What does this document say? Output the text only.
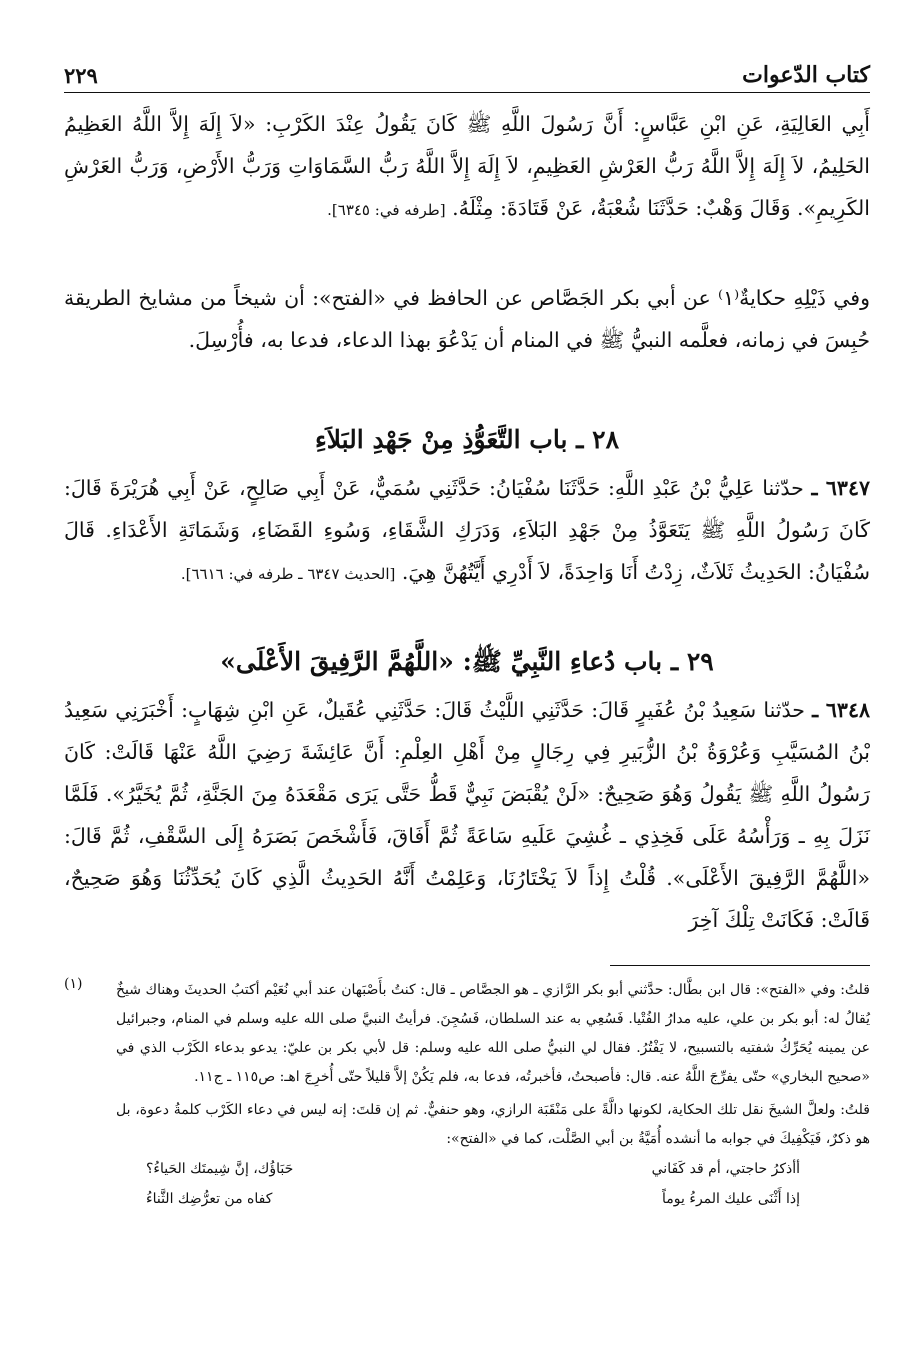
كتاب الدّعوات
٢٢٩

أَبِي العَالِيَةِ، عَنِ ابْنِ عَبَّاسٍ: أَنَّ رَسُولَ اللَّهِ ﷺ كَانَ يَقُولُ عِنْدَ الكَرْبِ: «لاَ إِلَهَ إِلاَّ اللَّهُ العَظِيمُ الحَلِيمُ، لاَ إِلَهَ إِلاَّ اللَّهُ رَبُّ العَرْشِ العَظِيمِ، لاَ إِلَهَ إِلاَّ اللَّهُ رَبُّ السَّمَاوَاتِ وَرَبُّ الأَرْضِ، وَرَبُّ العَرْشِ الكَرِيمِ». وَقَالَ وَهْبٌ: حَدَّثَنَا شُعْبَةُ، عَنْ قَتَادَةَ: مِثْلَهُ. [طرفه في: ٦٣٤٥].

وفي ذَيْلِهِ حكايةٌ⁽١⁾ عن أبي بكر الجَصَّاص عن الحافظ في «الفتح»: أن شيخاً من مشايخ الطريقة حُبِسَ في زمانه، فعلَّمه النبيُّ ﷺ في المنام أن يَدْعُوَ بهذا الدعاء، فدعا به، فأُرْسِلَ.

٢٨ ـ باب التَّعَوُّذِ مِنْ جَهْدِ البَلاَءِ

٦٣٤٧ ـ حدّثنا عَلِيُّ بْنُ عَبْدِ اللَّهِ: حَدَّثَنَا سُفْيَانُ: حَدَّثَنِي سُمَيٌّ، عَنْ أَبِي صَالِحٍ، عَنْ أَبِي هُرَيْرَةَ قَالَ: كَانَ رَسُولُ اللَّهِ ﷺ يَتَعَوَّذُ مِنْ جَهْدِ البَلاَءِ، وَدَرَكِ الشَّقَاءِ، وَسُوءِ القَضَاءِ، وَشَمَاتَةِ الأَعْدَاءِ. قَالَ سُفْيَانُ: الحَدِيثُ ثَلاَثٌ، زِدْتُ أَنَا وَاحِدَةً، لاَ أَدْرِي أَيَّتُهُنَّ هِيَ. [الحديث ٦٣٤٧ ـ طرفه في: ٦٦١٦].

٢٩ ـ باب دُعاءِ النَّبِيِّ ﷺ: «اللَّهُمَّ الرَّفِيقَ الأَعْلَى»

٦٣٤٨ ـ حدّثنا سَعِيدُ بْنُ عُفَيرٍ قَالَ: حَدَّثَنِي اللَّيْثُ قَالَ: حَدَّثَنِي عُقَيلٌ، عَنِ ابْنِ شِهَابٍ: أَخْبَرَنِي سَعِيدُ بْنُ المُسَيَّبِ وَعُرْوَةُ بْنُ الزُّبَيرِ فِي رِجَالٍ مِنْ أَهْلِ العِلْمِ: أَنَّ عَائِشَةَ رَضِيَ اللَّهُ عَنْهَا قَالَتْ: كَانَ رَسُولُ اللَّهِ ﷺ يَقُولُ وَهُوَ صَحِيحٌ: «لَنْ يُقْبَضَ نَبِيٌّ قَطُّ حَتَّى يَرَى مَقْعَدَهُ مِنَ الجَنَّةِ، ثُمَّ يُخَيَّرُ». فَلَمَّا نَزَلَ بِهِ ـ وَرَأْسُهُ عَلَى فَخِذِي ـ غُشِيَ عَلَيهِ سَاعَةً ثُمَّ أَفَاقَ، فَأَشْخَصَ بَصَرَهُ إِلَى السَّقْفِ، ثُمَّ قَالَ: «اللَّهُمَّ الرَّفِيقَ الأَعْلَى». قُلْتُ إِذاً لاَ يَخْتَارُنَا، وَعَلِمْتُ أَنَّهُ الحَدِيثُ الَّذِي كَانَ يُحَدِّثُنَا وَهُوَ صَحِيحٌ، قَالَتْ: فَكَانَتْ تِلْكَ آخِرَ

قلتُ: وفي «الفتح»: قال ابن بطَّال: حدَّثني أبو بكر الرَّازي ـ هو الجصَّاص ـ قال: كنتُ بأَصْبَهان عند أبي نُعَيْم أكتبُ الحديثَ وهناك شيخٌ يُقالُ له: أبو بكر بن علي، عليه مدارُ الفُتْيا. فَسُعِي به عند السلطان، فَسُجِنَ. فرأيتُ النبيَّ صلى الله عليه وسلم في المنام، وجبرائيل عن يمينه يُحَرِّكُ شفتيه بالتسبيح، لا يَفْتُرُ. فقال لي النبيُّ صلى الله عليه وسلم: قل لأبي بكر بن عليّ: يدعو بدعاء الكَرْب الذي في «صحيح البخاري» حتّى يفرِّجَ اللَّهُ عنه. قال: فأصبحتُ، فأخبرتُه، فدعا به، فلم يَكُنْ إلاَّ قليلاً حتّى أُخرِجَ اهـ: ص١١٥ ـ ج١١.

قلتُ: ولعلَّ الشيخَ نقل تلك الحكاية، لكونها دالَّةً على مَنْقَبَة الرازي، وهو حنفيٌّ. ثم إن قلتَ: إنه ليس في دعاء الكَرْب كلمةُ دعوة، بل هو ذكرٌ، فَيَكْفِيكَ في جوابه ما أنشده أُمَيَّةُ بن أبي الصَّلْت، كما في «الفتح»:

أأذكرُ حاجتي، أم قد كَفَاني
حَبَاؤُك، إنَّ شِيمتَك الحَياءُ؟
إذا أَثْنَى عليك المرءُ يوماً
كفاه من تعرُّضِك الثَّناءُ
(١)
